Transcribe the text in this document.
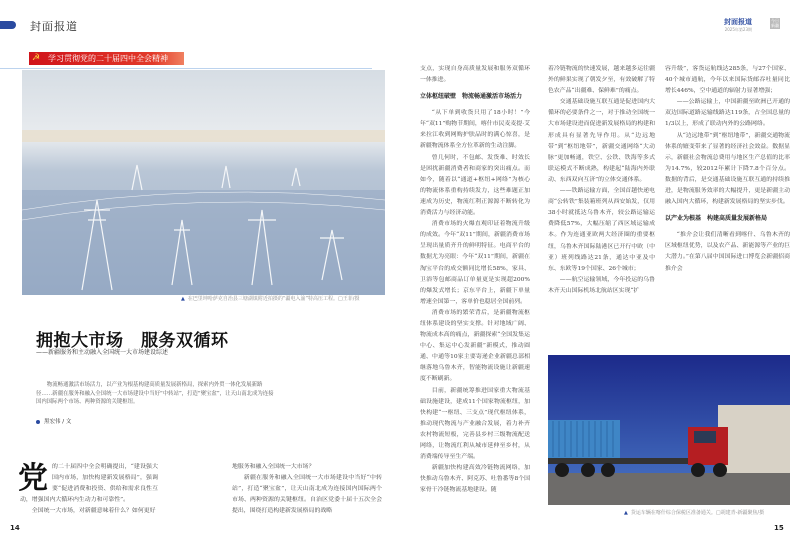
封面报道
☭ 学习贯彻党的二十届四中全会精神
封面报道
2025年第23期
今日新疆
▲ 在巴里坤哈萨克自治县三塘湖镇附近拍摄的“疆电入渝”特高压工程。□王菲/摄
拥抱大市场　服务双循环
——新疆服务和主动融入全国统一大市场建设综述
物流畅通激活市场活力，以产业为根基构建高质量发展新格局，探索内外贸一体化发展新路径……新疆在服务和融入全国统一大市场建设中当好“中转站”，打造“聚宝盆”，让天山南北成为连接国内国际两个市场、两种资源的关键枢纽。
黑宏伟 / 文
党 的二十届四中全会明确提出，“建设强大国内市场，加快构建新发展格局”，强调要“促进消费和投资、供给和需求良性互动，增强国内大循环内生动力和可靠性”。

全国统一大市场，对新疆意味着什么？如何更好

地服务和融入全国统一大市场？

新疆在服务和融入全国统一大市场建设中当好“中转站”，打造“聚宝盆”，让天山南北成为连接国内国际两个市场、两种资源的关键枢纽。自治区党委十届十五次全会提出，围绕打造构建新发展格局的战略

14

支点，实现自身高质量发展和服务双循环一体推进。

立体枢纽破壁　物流畅通激活市场活力

“从下单到收货只用了18小时！”今年“双11”购物节期间，喀什市民麦麦提·艾来拉江收到网购护肤品时的满心惊喜，是新疆物流体系全方位革新的生动注脚。

曾几何时，不包邮、发货难、时效长是困扰新疆消费者和商家的突出痛点。而如今，随着以“通道+枢纽+网络”为核心的物流体系重构持续发力，这些难题正加速成为历史，物流红利正源源不断转化为消费活力与经济动能。

消费市场的火爆直观印证着物流升级的成效。今年“双11”期间，新疆消费市场呈现出量质齐升的鲜明特征。电商平台的数据尤为亮眼：今年“双11”期间，新疆在淘宝平台的成交额同比增长58%，家具、卫浴等包邮商品订单量更是实现超200%的爆发式增长；京东平台上，新疆下单量增速全国第一，客单价也稳居全国前列。

消费市场的繁荣背后，是新疆物流枢纽体系建设的坚实支撑。针对地域广阔、物流成本高的痛点，新疆探索“全国发集运中心、集运中心发新疆”新模式，推动圆通、中通等10家主要寄递企业新疆总部相继落地乌鲁木齐，智能物流设施让新疆速度不断刷新。

目前，新疆统筹推进国家重大物流基础设施建设，建成11个国家物流枢纽，加快构建“一枢纽、三支点”现代枢纽体系，推动现代物流与产业融合发展，着力补齐农村物流短板，完善县乡村三级物流配送网络，让物流红利从城市延伸至乡村，从消费端传导至生产端。

新疆加快构建高效冷链物流网络，加快推动乌鲁木齐、阿克苏、吐鲁番等8个国家骨干冷链物流基地建设。随

着冷链物流的快速发展，越来越多运往疆外的鲜果实现了朝发夕至，有效破解了特色农产品“出疆难、保鲜难”的痛点。

交通基础设施互联互通是促进国内大循环的必要条件之一，对于推动全国统一大市场建设进而促进新发展格局的构建和形成具有显著先导作用。从“边远地带”到“枢纽地带”，新疆交通网络“大动脉”更加畅通，铁空、公铁、铁海等多式联运模式不断成熟，构建起“陆海内外联动、东西双向互济”的立体交通体系。

——铁路运输方面，全国首趟快递电商“公转铁”集装箱班列从西安始发，仅用38小时就抵达乌鲁木齐，较公路运输运费降低57%，大幅压缩了西区域运输成本。作为连通亚欧两大经济圈的重要枢纽，乌鲁木齐国际陆港区已开行中欧（中亚）班列线路达21条，通达中亚及中东、东欧等19个国家、26个城市；

——航空运输领域，今年投运的乌鲁木齐天山国际机场北航站区实现“扩

容升级”，客货运航线达285条，与27个国家、40个城市通航，今年以来国际货邮吞吐量同比增长446%，空中通道的辐射力显著增强；

——公路运输上，中国新疆至欧洲已开通的双边国际道路运输线路达119条，占全国总量的1/3以上，形成了联动内外的公路网络。

从“边远地带”到“枢纽地带”，新疆交通物流体系的嬗变带来了显著的经济社会效益。数据显示，新疆社会物流总费用与地区生产总值的比率为14.7%，较2012年累计下降7.8个百分点。数据的背后，是交通基础设施互联互通的持续推进，是物流服务效率的大幅提升，更是新疆主动融入国内大循环，构建新发展格局的坚实步伐。

以产业为根基　构建高质量发展新格局

“推介会让我们清晰看到喀什、乌鲁木齐的区域枢纽优势，以及农产品、新能源等产业的巨大潜力。”在第八届中国国际进口博览会新疆招商推介会

▲ 货运车辆在喀什综合保税区准备通关。□胡建青-新疆聚焦/摄
15
